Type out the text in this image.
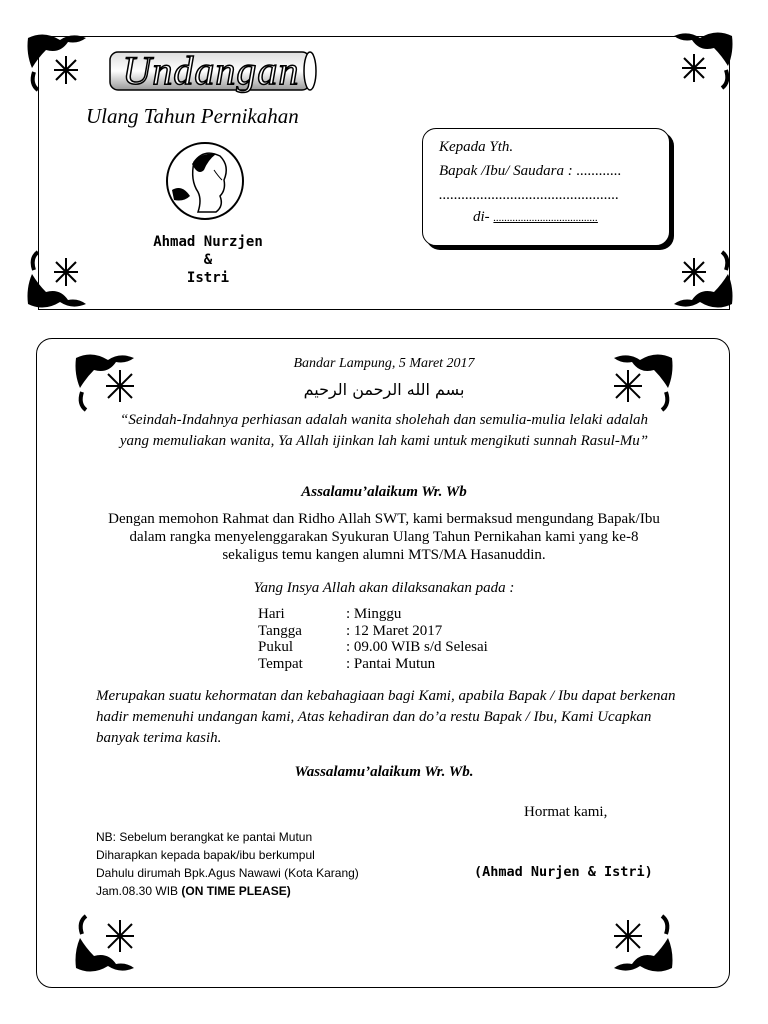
Undangan
Ulang Tahun Pernikahan
Ahmad Nurzjen
&
Istri
Kepada Yth.
Bapak /Ibu/ Saudara : ............
................................................
di- ......................................
Bandar Lampung, 5 Maret 2017
بسم الله الرحمن الرحيم
“Seindah-Indahnya perhiasan adalah wanita sholehah dan semulia-mulia lelaki adalah yang memuliakan wanita, Ya Allah ijinkan lah kami untuk mengikuti sunnah Rasul-Mu”
Assalamu’alaikum Wr. Wb
Dengan memohon Rahmat dan Ridho Allah SWT, kami bermaksud mengundang Bapak/Ibu dalam rangka menyelenggarakan Syukuran Ulang Tahun Pernikahan kami yang ke-8 sekaligus temu kangen alumni MTS/MA Hasanuddin.
Yang Insya Allah akan dilaksanakan pada :
Hari	: Minggu
Tangga	: 12 Maret 2017
Pukul	: 09.00 WIB s/d Selesai
Tempat	: Pantai Mutun
Merupakan suatu kehormatan dan kebahagiaan bagi Kami, apabila Bapak / Ibu dapat berkenan hadir memenuhi undangan kami, Atas kehadiran dan do’a restu Bapak / Ibu, Kami Ucapkan banyak terima kasih.
Wassalamu’alaikum Wr. Wb.
Hormat kami,
(Ahmad Nurjen & Istri)
NB: Sebelum berangkat ke pantai Mutun
Diharapkan kepada bapak/ibu berkumpul
Dahulu dirumah Bpk.Agus Nawawi (Kota Karang)
Jam.08.30 WIB (ON TIME PLEASE)
